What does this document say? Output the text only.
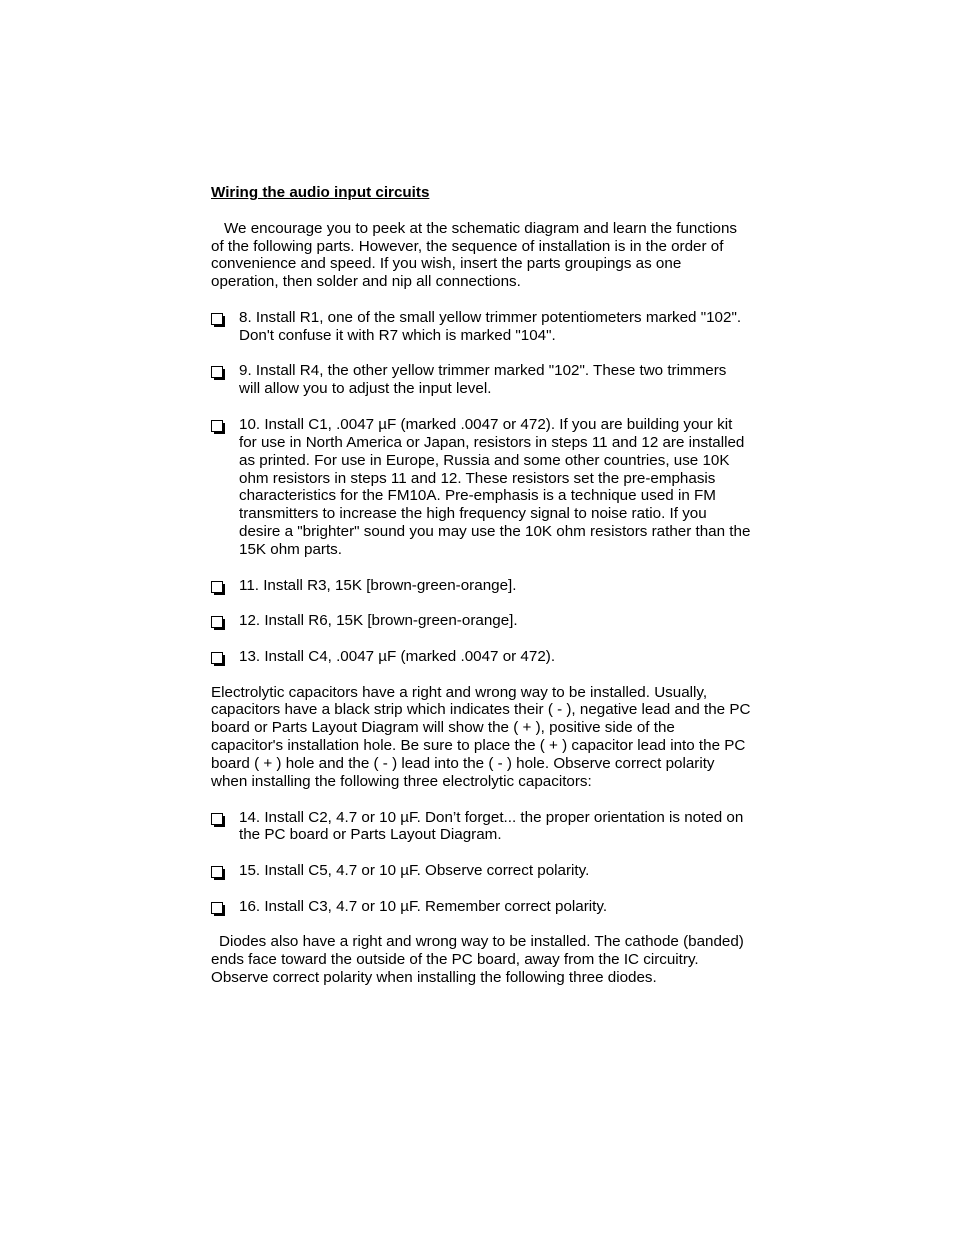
Wiring the audio input circuits

We encourage you to peek at the schematic diagram and learn the functions of the following parts. However, the sequence of installation is in the order of convenience and speed. If you wish, insert the parts groupings as one operation, then solder and nip all connections.

8. Install R1, one of the small yellow trimmer potentiometers marked "102". Don't confuse it with R7 which is marked "104".
9. Install R4, the other yellow trimmer marked "102". These two trimmers will allow you to adjust the input level.
10. Install C1, .0047 µF (marked .0047 or 472). If you are building your kit for use in North America or Japan, resistors in steps 11 and 12 are installed as printed. For use in Europe, Russia and some other countries, use 10K ohm resistors in steps 11 and 12. These resistors set the pre-emphasis characteristics for the FM10A. Pre-emphasis is a technique used in FM transmitters to increase the high frequency signal to noise ratio. If you desire a "brighter" sound you may use the 10K ohm resistors rather than the 15K ohm parts.
11. Install R3, 15K [brown-green-orange].
12. Install R6, 15K [brown-green-orange].
13. Install C4, .0047 µF (marked .0047 or 472).

Electrolytic capacitors have a right and wrong way to be installed. Usually, capacitors have a black strip which indicates their ( - ), negative lead and the PC board or Parts Layout Diagram will show the ( + ), positive side of the capacitor's installation hole. Be sure to place the ( + ) capacitor lead into the PC board ( + ) hole and the ( - ) lead into the ( - ) hole. Observe correct polarity when installing the following three electrolytic capacitors:

14. Install C2, 4.7 or 10 µF. Don’t forget... the proper orientation is noted on the PC board or Parts Layout Diagram.
15. Install C5, 4.7 or 10 µF. Observe correct polarity.
16. Install C3, 4.7 or 10 µF. Remember correct polarity.

Diodes also have a right and wrong way to be installed. The cathode (banded) ends face toward the outside of the PC board, away from the IC circuitry. Observe correct polarity when installing the following three diodes.
